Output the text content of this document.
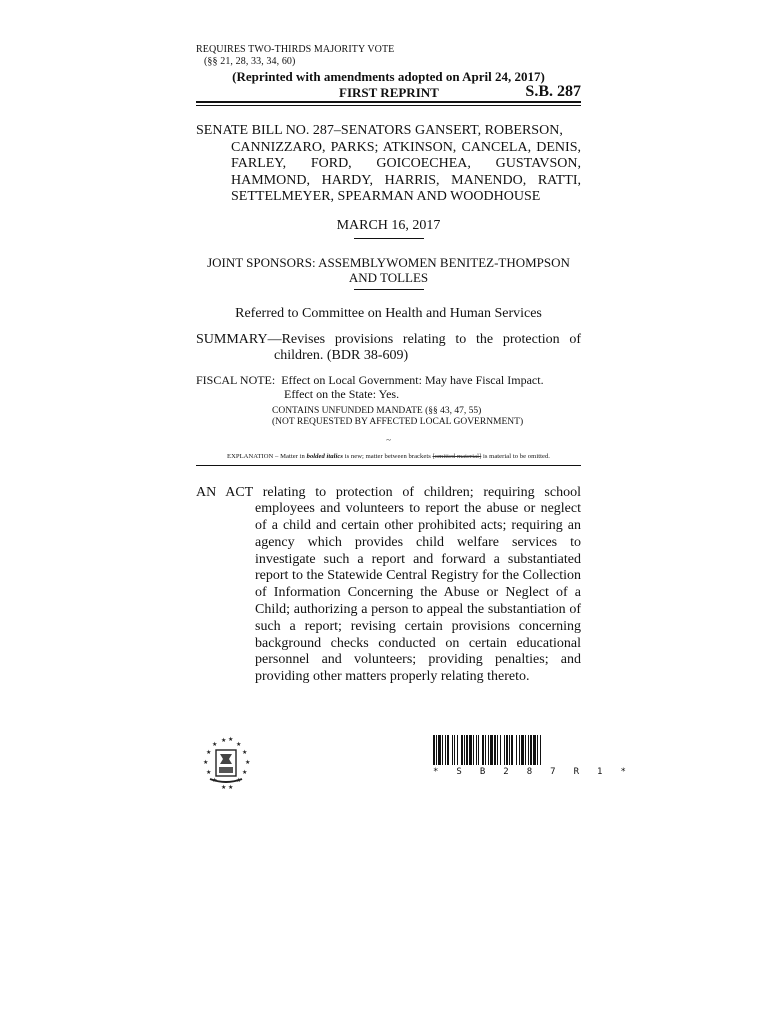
REQUIRES TWO-THIRDS MAJORITY VOTE
(§§ 21, 28, 33, 34, 60)
(Reprinted with amendments adopted on April 24, 2017)
FIRST REPRINT	S.B. 287
SENATE BILL NO. 287–SENATORS GANSERT, ROBERSON,
CANNIZZARO, PARKS; ATKINSON, CANCELA, DENIS, FARLEY, FORD, GOICOECHEA, GUSTAVSON, HAMMOND, HARDY, HARRIS, MANENDO, RATTI, SETTELMEYER, SPEARMAN AND WOODHOUSE
MARCH 16, 2017
JOINT SPONSORS: ASSEMBLYWOMEN BENITEZ-THOMPSON
AND TOLLES
Referred to Committee on Health and Human Services
SUMMARY—Revises provisions relating to the protection of
children. (BDR 38-609)
FISCAL NOTE:  Effect on Local Government: May have Fiscal Impact.
Effect on the State: Yes.
CONTAINS UNFUNDED MANDATE (§§ 43, 47, 55)
(NOT REQUESTED BY AFFECTED LOCAL GOVERNMENT)
~
EXPLANATION – Matter in bolded italics is new; matter between brackets [omitted material] is material to be omitted.
AN ACT relating to protection of children; requiring school
employees and volunteers to report the abuse or neglect of a child and certain other prohibited acts; requiring an agency which provides child welfare services to investigate such a report and forward a substantiated report to the Statewide Central Registry for the Collection of Information Concerning the Abuse or Neglect of a Child; authorizing a person to appeal the substantiation of such a report; revising certain provisions concerning background checks conducted on certain educational personnel and volunteers; providing penalties; and providing other matters properly relating thereto.
★ ★
★	★
★	★
★	★
★	★
★	★
★ ★
* S B 2 8 7 R 1 *
